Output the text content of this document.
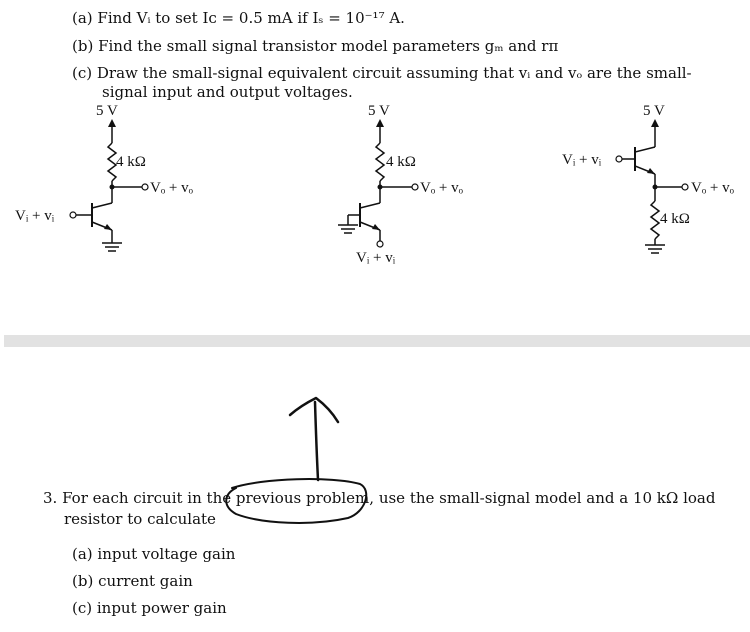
(a) Find Vᵢ to set Iᴄ = 0.5 mA if Iₛ = 10⁻¹⁷ A.
(b) Find the small signal transistor model parameters gₘ and rπ
(c) Draw the small-signal equivalent circuit assuming that vᵢ and vₒ are the small-
signal input and output voltages.
5 V
4 kΩ
Vₒ + vₒ
Vᵢ + vᵢ
5 V
4 kΩ
Vₒ + vₒ
Vᵢ + vᵢ
5 V
Vᵢ + vᵢ
Vₒ + vₒ
4 kΩ
3. For each circuit in the previous problem, use the small-signal model and a 10 kΩ load
resistor to calculate
(a) input voltage gain
(b) current gain
(c) input power gain
